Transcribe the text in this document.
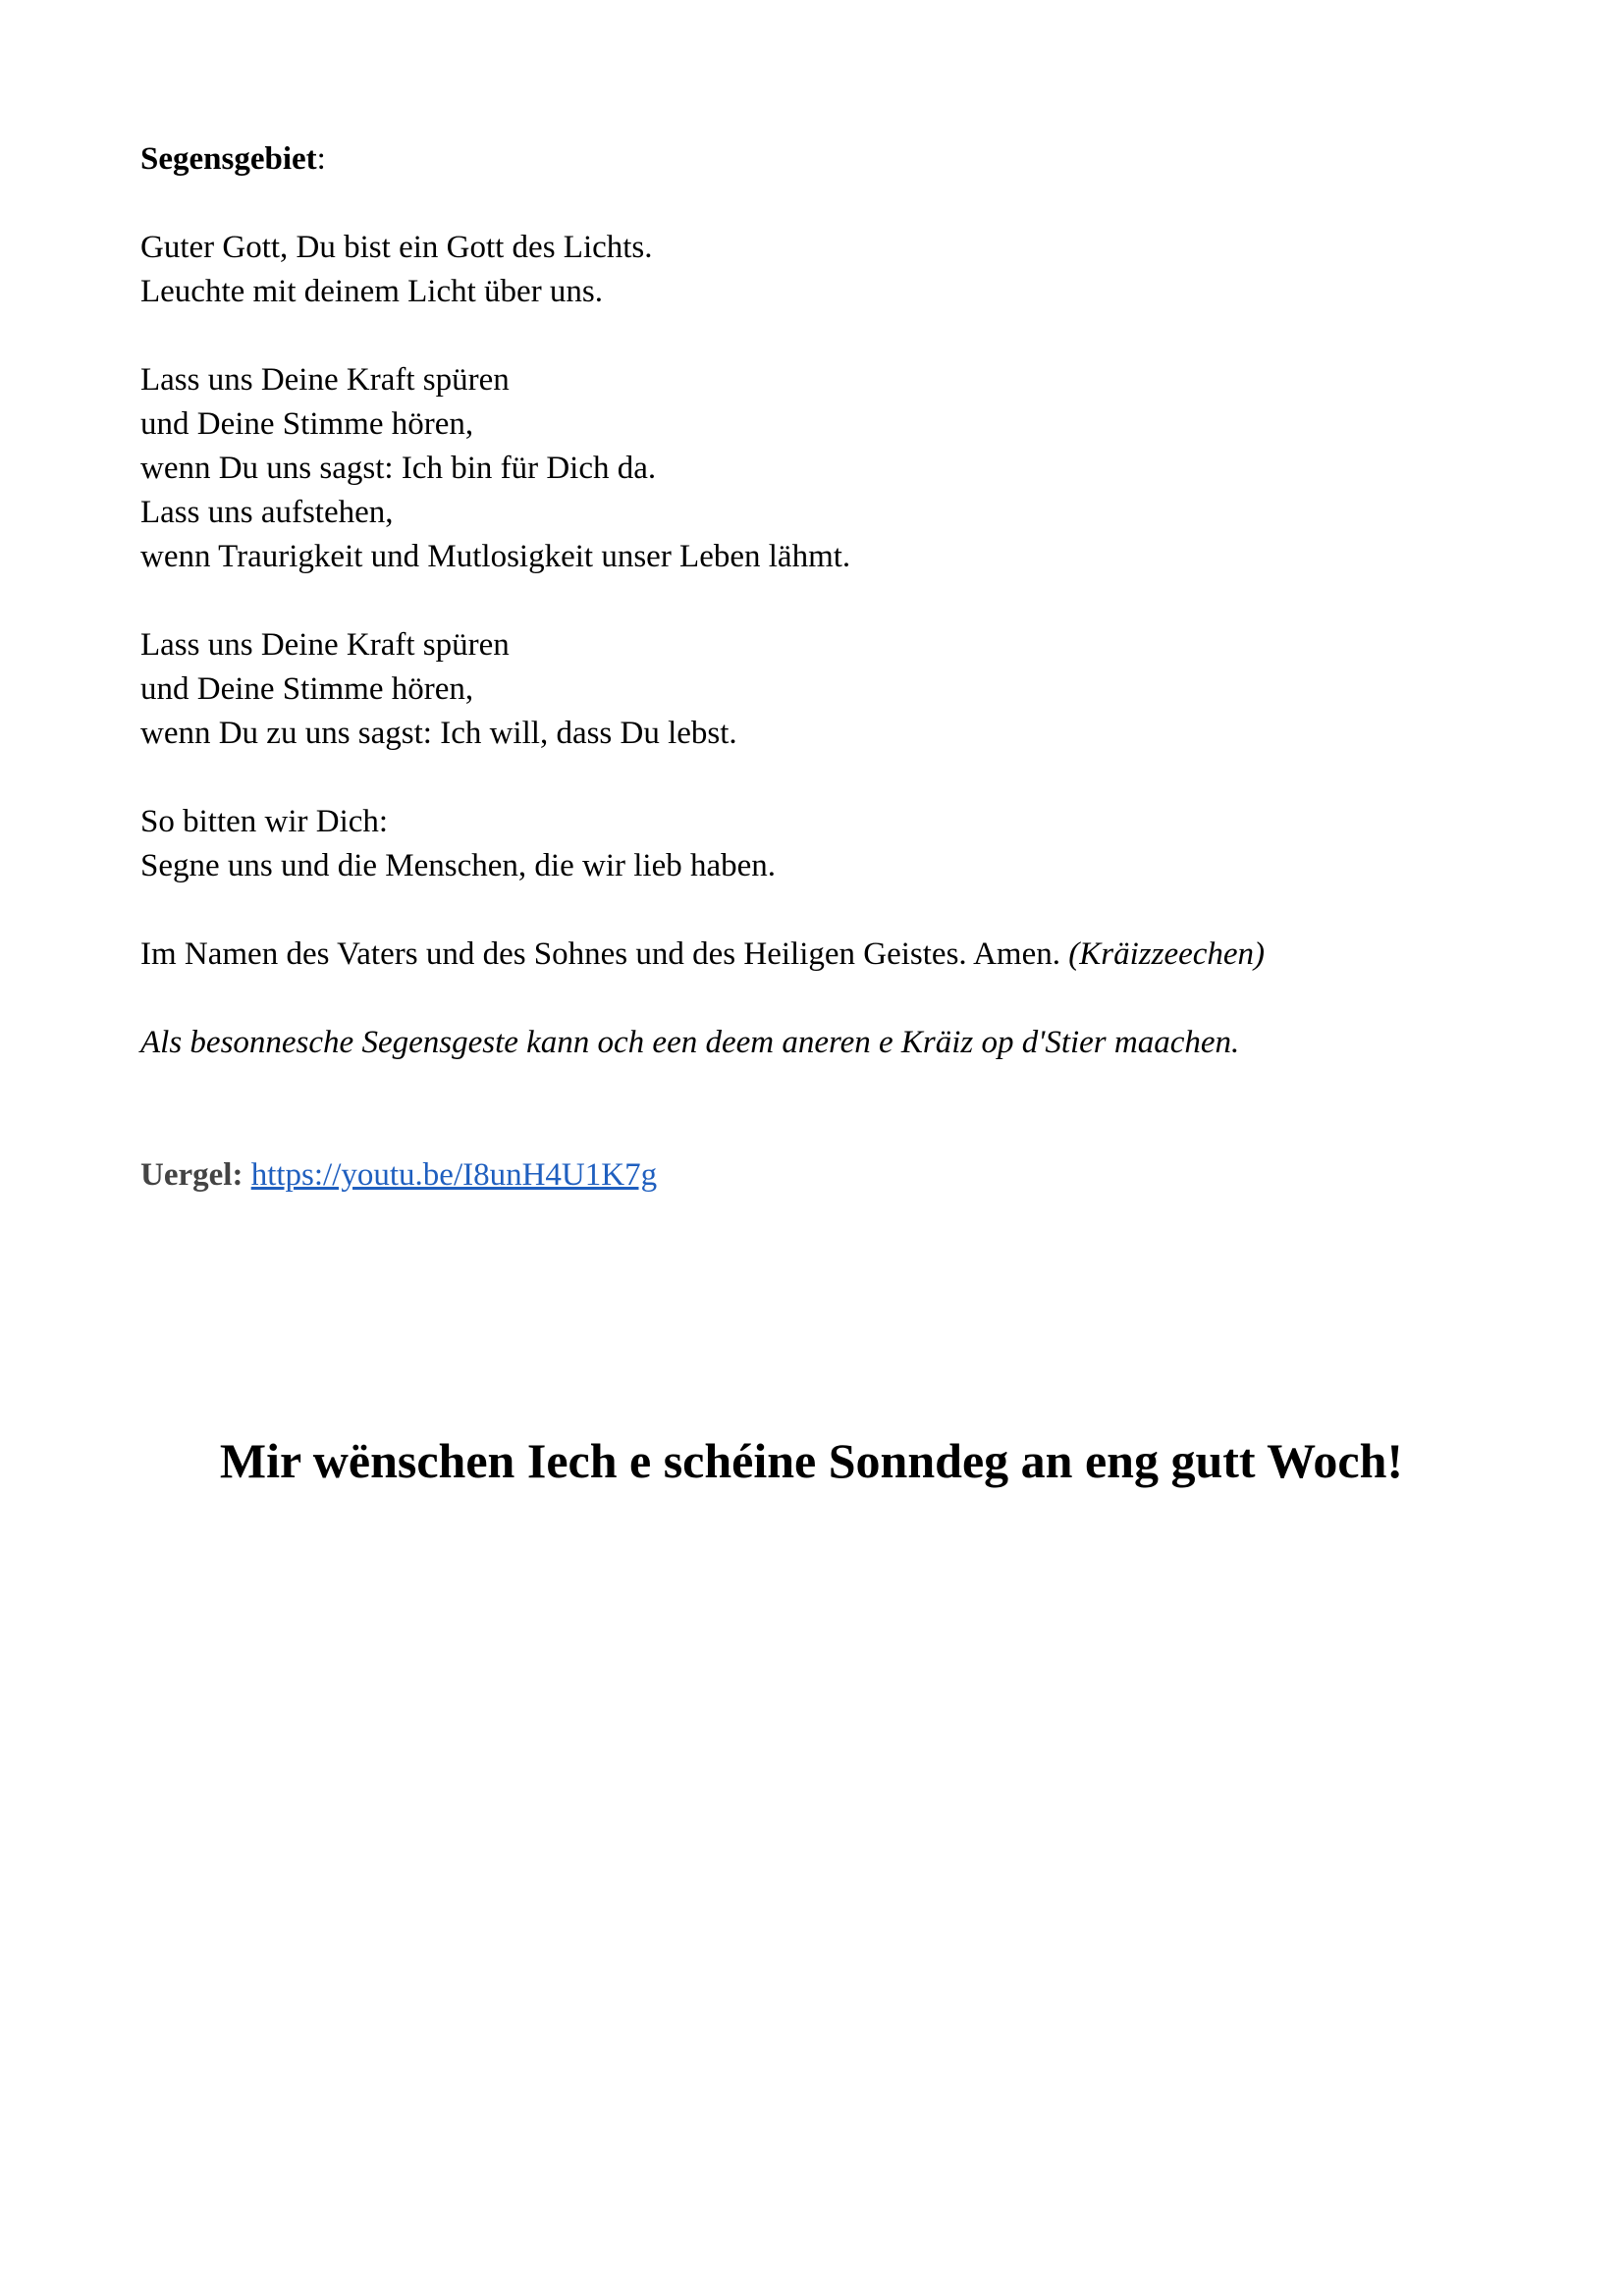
Segensgebiet:
Guter Gott, Du bist ein Gott des Lichts.
Leuchte mit deinem Licht über uns.
Lass uns Deine Kraft spüren
und Deine Stimme hören,
wenn Du uns sagst: Ich bin für Dich da.
Lass uns aufstehen,
wenn Traurigkeit und Mutlosigkeit unser Leben lähmt.
Lass uns Deine Kraft spüren
und Deine Stimme hören,
wenn Du zu uns sagst: Ich will, dass Du lebst.
So bitten wir Dich:
Segne uns und die Menschen, die wir lieb haben.
Im Namen des Vaters und des Sohnes und des Heiligen Geistes. Amen. (Kräizzeechen)
Als besonnesche Segensgeste kann och een deem aneren e Kräiz op d'Stier maachen.
Uergel: https://youtu.be/I8unH4U1K7g
Mir wënschen Iech e schéine Sonndeg an eng gutt Woch!
